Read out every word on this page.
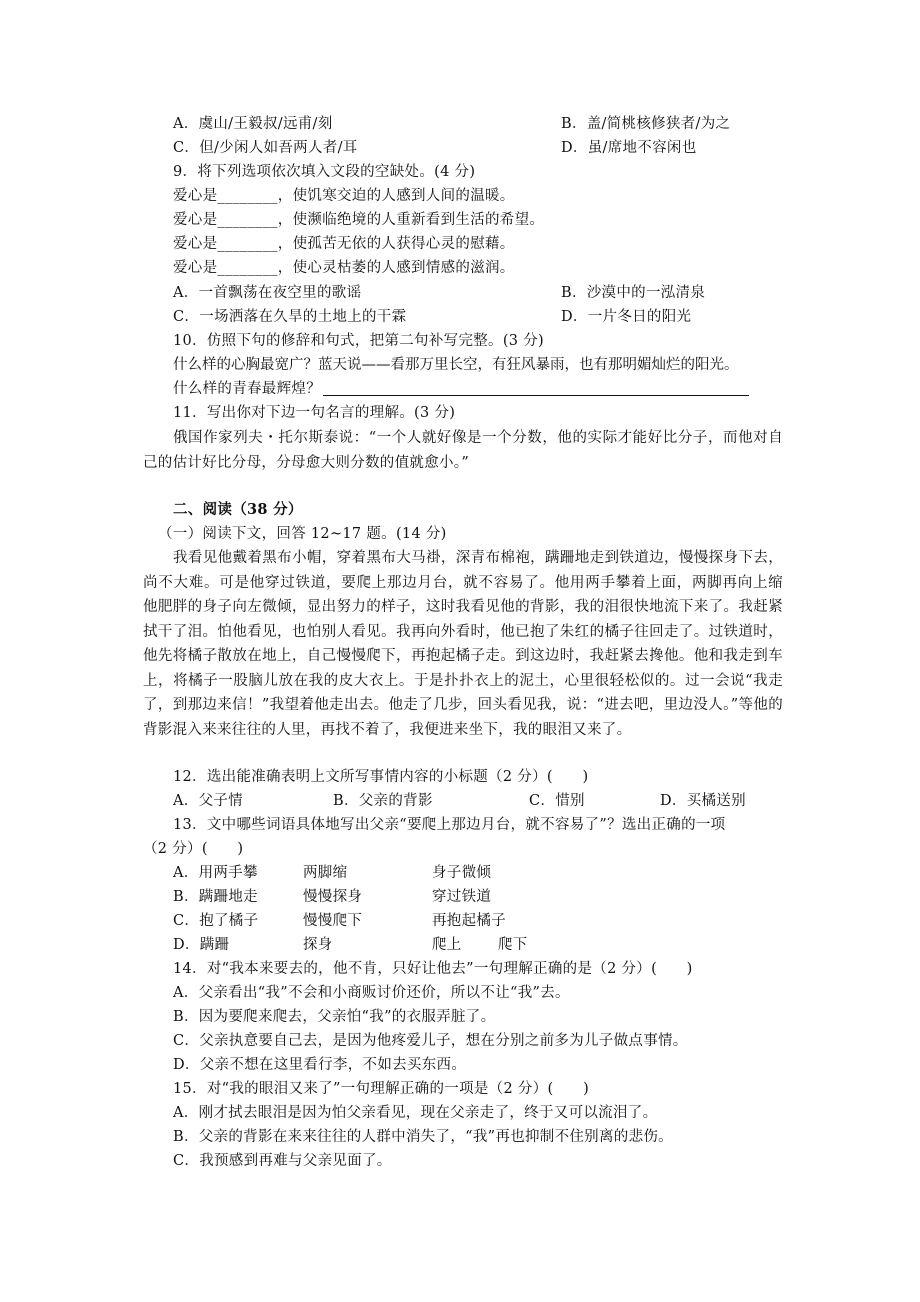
A．虞山/王毅叔/远甫/刻	B．盖/简桃核修狭者/为之
C．但/少闲人如吾两人者/耳	D．虽/席地不容闲也
9．将下列选项依次填入文段的空缺处。(4 分)
爱心是________，使饥寒交迫的人感到人间的温暖。
爱心是________，使濒临绝境的人重新看到生活的希望。
爱心是________，使孤苦无依的人获得心灵的慰藉。
爱心是________，使心灵枯萎的人感到情感的滋润。
A．一首飘荡在夜空里的歌谣	B．沙漠中的一泓清泉
C．一场洒落在久旱的土地上的干霖	D．一片冬日的阳光
10．仿照下句的修辞和句式，把第二句补写完整。(3 分)
什么样的心胸最宽广？蓝天说——看那万里长空，有狂风暴雨，也有那明媚灿烂的阳光。
什么样的青春最辉煌？
11．写出你对下边一句名言的理解。(3 分)
俄国作家列夫・托尔斯泰说：“一个人就好像是一个分数，他的实际才能好比分子，而他对自己的估计好比分母，分母愈大则分数的值就愈小。”
二、阅读（38 分）
（一）阅读下文，回答 12~17 题。(14 分)
我看见他戴着黑布小帽，穿着黑布大马褂，深青布棉袍，蹒跚地走到铁道边，慢慢探身下去，尚不大难。可是他穿过铁道，要爬上那边月台，就不容易了。他用两手攀着上面，两脚再向上缩 他肥胖的身子向左微倾，显出努力的样子，这时我看见他的背影，我的泪很快地流下来了。我赶紧拭干了泪。怕他看见，也怕别人看见。我再向外看时，他已抱了朱红的橘子往回走了。过铁道时，他先将橘子散放在地上，自己慢慢爬下，再抱起橘子走。到这边时，我赶紧去搀他。他和我走到车上，将橘子一股脑儿放在我的皮大衣上。于是扑扑衣上的泥土，心里很轻松似的。过一会说“我走了，到那边来信！”我望着他走出去。他走了几步，回头看见我，说：“进去吧，里边没人。”等他的背影混入来来往往的人里，再找不着了，我便进来坐下，我的眼泪又来了。
12．选出能准确表明上文所写事情内容的小标题（2 分）(　　)
A．父子情	B．父亲的背影	C．惜别	D．买橘送别
13．文中哪些词语具体地写出父亲“要爬上那边月台，就不容易了”？选出正确的一项
（2 分）(　　)
A．用两手攀	两脚缩	身子微倾
B．蹒跚地走	慢慢探身	穿过铁道
C．抱了橘子	慢慢爬下	再抱起橘子
D．蹒跚	探身	爬上	爬下
14．对“我本来要去的，他不肯，只好让他去”一句理解正确的是（2 分）(　　)
A．父亲看出“我”不会和小商贩讨价还价，所以不让“我”去。
B．因为要爬来爬去，父亲怕“我”的衣服弄脏了。
C．父亲执意要自己去，是因为他疼爱儿子，想在分别之前多为儿子做点事情。
D．父亲不想在这里看行李，不如去买东西。
15．对“我的眼泪又来了”一句理解正确的一项是（2 分）(　　)
A．刚才拭去眼泪是因为怕父亲看见，现在父亲走了，终于又可以流泪了。
B．父亲的背影在来来往往的人群中消失了，“我”再也抑制不住别离的悲伤。
C．我预感到再难与父亲见面了。
